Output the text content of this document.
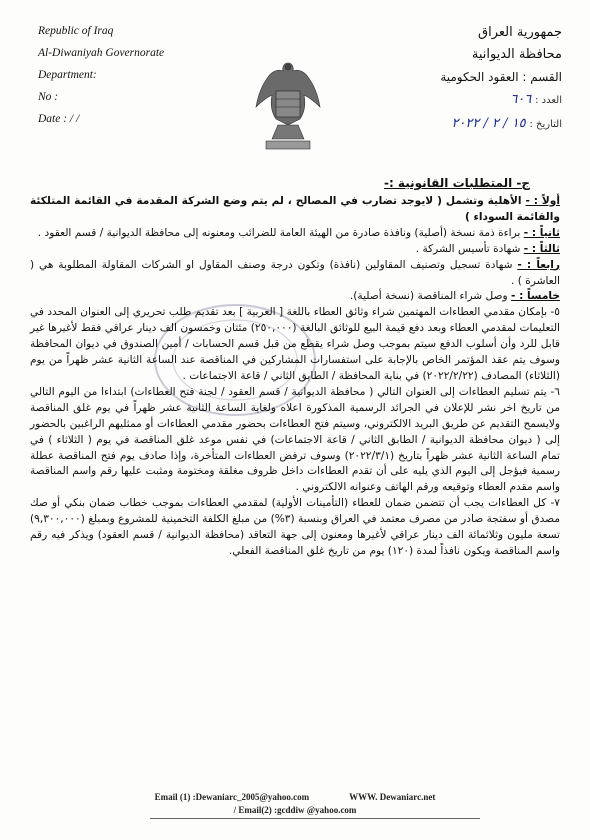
Republic of Iraq
Al-Diwaniyah Governorate
Department:
No :
Date : / /
جمهورية العراق
محافظة الديوانية
القسم : العقود الحكومية
العدد : ٦٠٦
التاريخ : ١٥ / ٢ / ٢٠٢٢
ج- المتطلبات القانونية :-

أولاً : - الأهلية وتشمل ( لايوجد تضارب في المصالح ، لم يتم وضع الشركة المقدمة في القائمة المتلكئة والقائمة السوداء )

ثانياً : - براءة ذمة نسخة (أصلية) ونافذة صادرة من الهيئة العامة للضرائب ومعنونه إلى محافظة الديوانية / قسم العقود .

ثالثاً : - شهادة تأسيس الشركة .

رابعاً : - شهادة تسجيل وتصنيف المقاولين (نافذة) وتكون درجة وصنف المقاول او الشركات المقاولة المطلوبة هي ( العاشرة ) .

خامساً : - وصل شراء المناقصة (نسخة أصلية).

٥- بإمكان مقدمي العطاءات المهتمين شراء وثائق العطاء باللغة [ العربية ] بعد تقديم طلب تحريري إلى العنوان المحدد في التعليمات لمقدمي العطاء وبعد دفع قيمة البيع للوثائق البالغة (٢٥٠,٠٠٠) مئتان وخمسون الف دينار عراقي فقط لأغيرها غير قابل للرد وأن أسلوب الدفع سيتم بموجب وصل شراء يقطع من قبل قسم الحسابات / أمين الصندوق في ديوان المحافظة وسوف يتم عقد المؤتمر الخاص بالإجابة على استفسارات المشاركين في المناقصة عند الساعة الثانية عشر ظهراً من يوم (الثلاثاء) المصادف (٢٠٢٢/٢/٢٢) في بناية المحافظة / الطابق الثاني / قاعة الاجتماعات .

٦- يتم تسليم العطاءات إلى العنوان التالي ( محافظة الديوانية / قسم العقود / لجنة فتح العطاءات) ابتداءا من اليوم التالي من تاريخ اخر نشر للإعلان في الجرائد الرسمية المذكورة اعلاه ولغاية الساعة الثانية عشر ظهراً في يوم غلق المناقصة ولايسمح التقديم عن طريق البريد الالكتروني، وسيتم فتح العطاءات بحضور مقدمي العطاءات أو ممثليهم الراغبين بالحضور إلى ( ديوان محافظة الديوانية / الطابق الثاني / قاعة الاجتماعات) في نفس موعد غلق المناقصة في يوم ( الثلاثاء ) في تمام الساعة الثانية عشر ظهراً بتاريخ (٢٠٢٢/٣/١) وسوف ترفض العطاءات المتأخرة، وإذا صادف يوم فتح المناقصة عطلة رسمية فيؤجل إلى اليوم الذي يليه على أن تقدم العطاءات داخل ظروف مغلقة ومختومة ومثبت عليها رقم واسم المناقصة واسم مقدم العطاء وتوقيعه ورقم الهاتف وعنوانه الالكتروني .

٧- كل العطاءات يجب أن تتضمن ضمان للعطاء (التأمينات الأولية) لمقدمي العطاءات بموجب خطاب ضمان بنكي أو صك مصدق أو سفتجة صادر من مصرف معتمد في العراق وبنسبة (٣%) من مبلغ الكلفة التخمينية للمشروع وبمبلغ (٩,٣٠٠,٠٠٠) تسعة مليون وثلاثمائة الف دينار عراقي لأغيرها ومعنون إلى جهة التعاقد (محافظة الديوانية / قسم العقود) ويذكر فيه رقم واسم المناقصة ويكون نافذاً لمدة (١٢٠) يوم من تاريخ غلق المناقصة الفعلي.

Email (1) :Dewaniarc_2005@yahoo.com	WWW. Dewaniarc.net
/ Email(2) :gcddiw @yahoo.com
